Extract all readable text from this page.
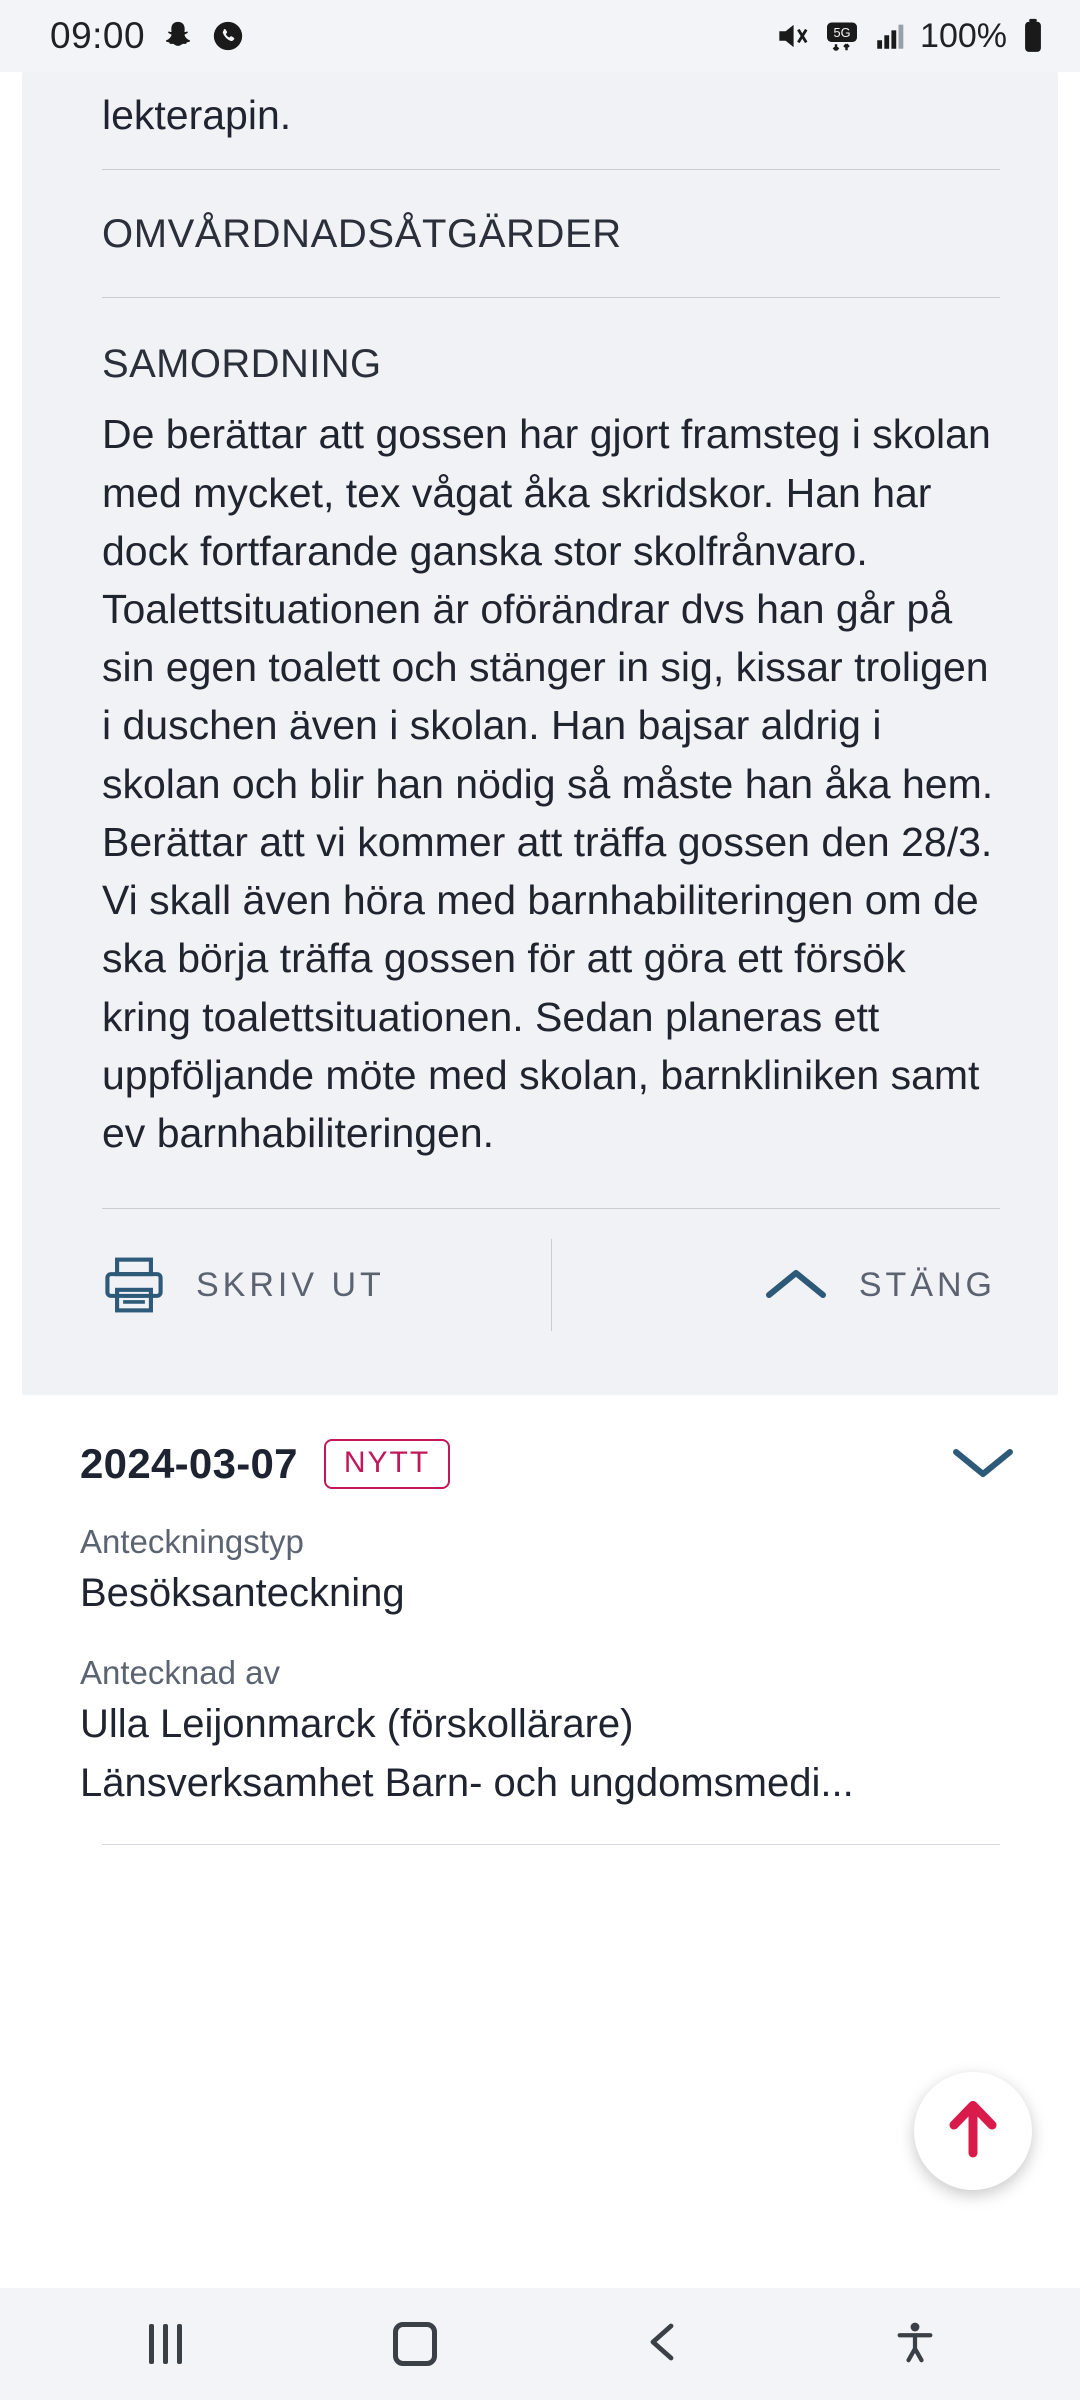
09:00	5G 100%
lekterapin.
OMVÅRDNADSÅTGÄRDER
SAMORDNING
De berättar att gossen har gjort framsteg i skolan med mycket, tex vågat åka skridskor. Han har dock fortfarande ganska stor skolfrånvaro. Toalettsituationen är oförändrar dvs han går på sin egen toalett och stänger in sig, kissar troligen i duschen även i skolan. Han bajsar aldrig i skolan och blir han nödig så måste han åka hem.
Berättar att vi kommer att träffa gossen den 28/3. Vi skall även höra med barnhabiliteringen om de ska börja träffa gossen för att göra ett försök kring toalettsituationen. Sedan planeras ett uppföljande möte med skolan, barnkliniken samt ev barnhabiliteringen.
SKRIV UT	STÄNG
2024-03-07	NYTT
Anteckningstyp
Besöksanteckning
Antecknad av
Ulla Leijonmarck (förskollärare)
Länsverksamhet Barn- och ungdomsmedi...
